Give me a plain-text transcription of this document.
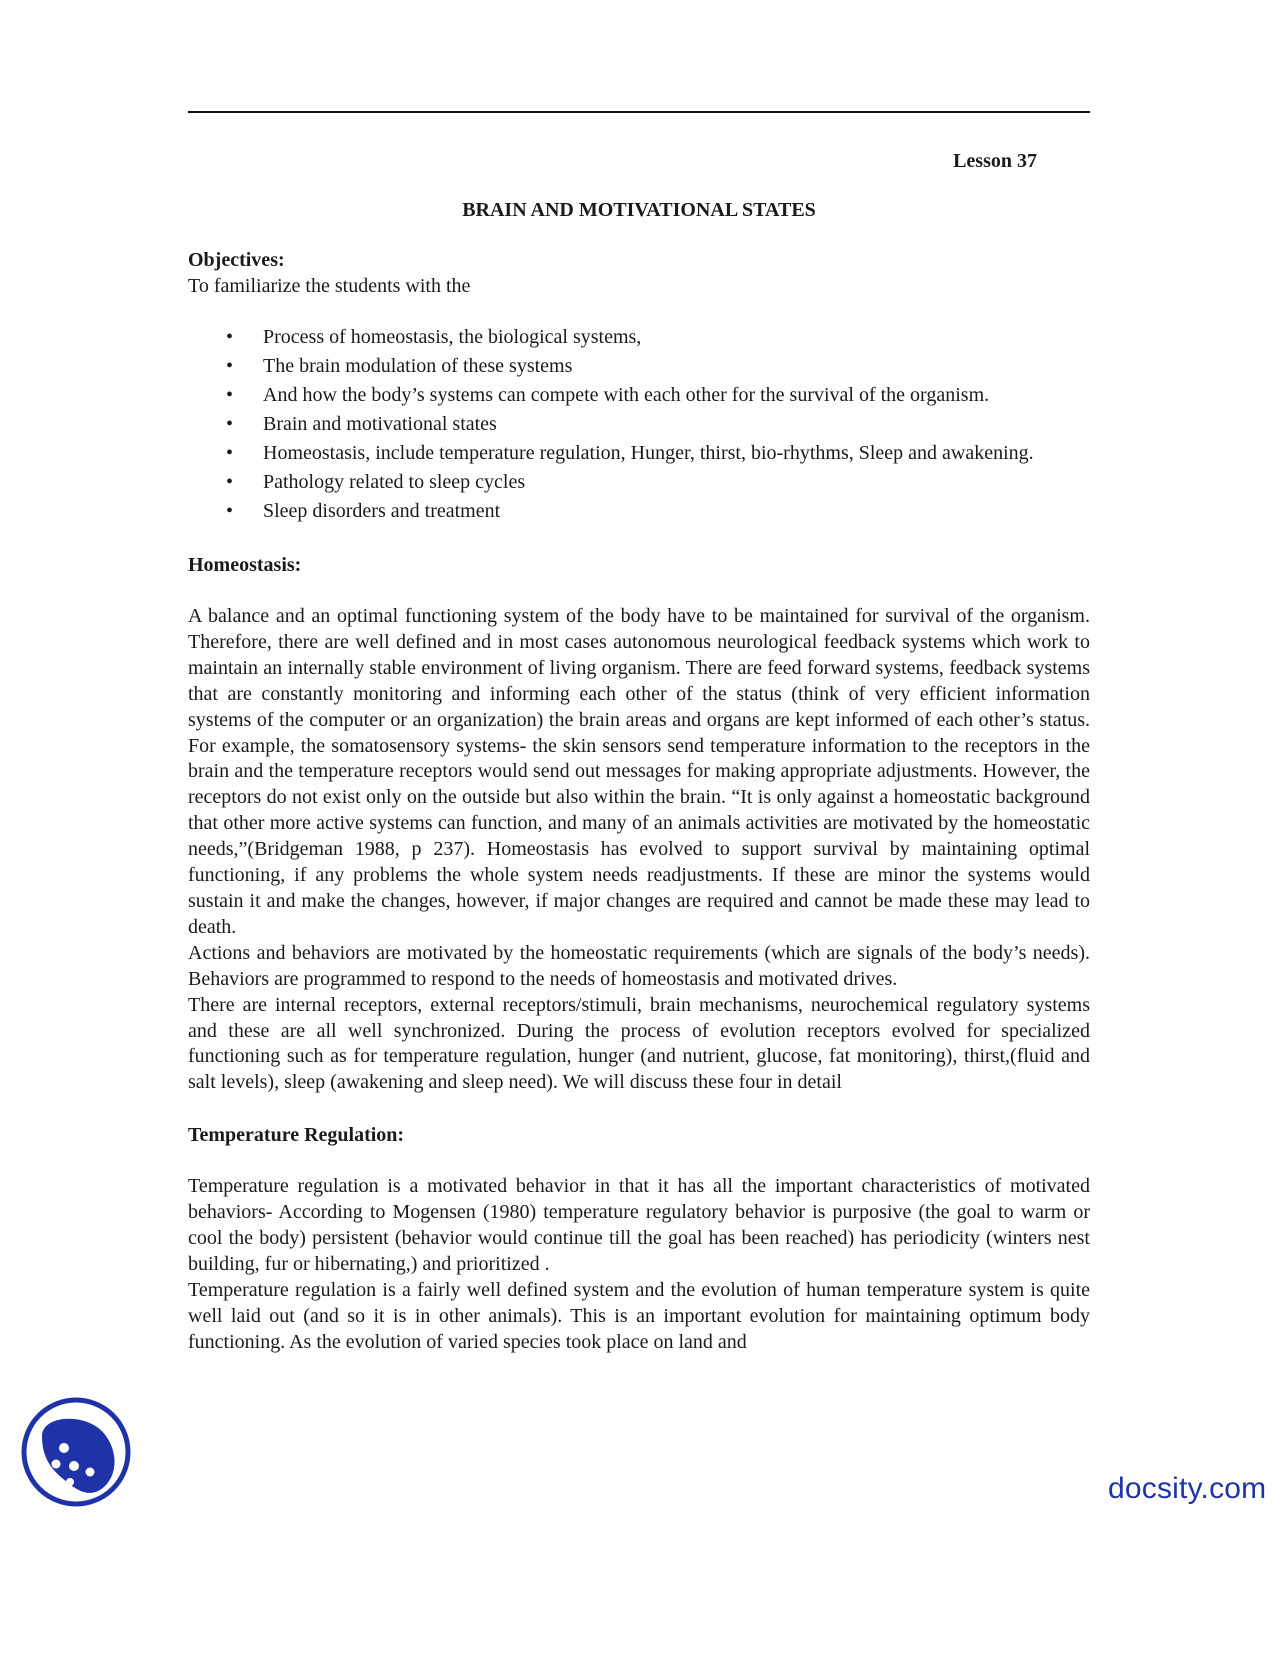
Lesson 37
BRAIN AND MOTIVATIONAL STATES
Objectives:
To familiarize the students with the
• Process of homeostasis, the biological systems,
• The brain modulation of these systems
• And how the body’s systems can compete with each other for the survival of the organism.
• Brain and motivational states
• Homeostasis, include temperature regulation, Hunger, thirst, bio-rhythms, Sleep and awakening.
• Pathology related to sleep cycles
• Sleep disorders and treatment
Homeostasis:

A balance and an optimal functioning system of the body have to be maintained for survival of the organism. Therefore, there are well defined and in most cases autonomous neurological feedback systems which work to maintain an internally stable environment of living organism. There are feed forward systems, feedback systems that are constantly monitoring and informing each other of the status (think of very efficient information systems of the computer or an organization) the brain areas and organs are kept informed of each other’s status. For example, the somatosensory systems- the skin sensors send temperature information to the receptors in the brain and the temperature receptors would send out messages for making appropriate adjustments. However, the receptors do not exist only on the outside but also within the brain. “It is only against a homeostatic background that other more active systems can function, and many of an animals activities are motivated by the homeostatic needs,”(Bridgeman 1988, p 237). Homeostasis has evolved to support survival by maintaining optimal functioning, if any problems the whole system needs readjustments. If these are minor the systems would sustain it and make the changes, however, if major changes are required and cannot be made these may lead to death.

Actions and behaviors are motivated by the homeostatic requirements (which are signals of the body’s needs). Behaviors are programmed to respond to the needs of homeostasis and motivated drives.

There are internal receptors, external receptors/stimuli, brain mechanisms, neurochemical regulatory systems and these are all well synchronized. During the process of evolution receptors evolved for specialized functioning such as for temperature regulation, hunger (and nutrient, glucose, fat monitoring), thirst,(fluid and salt levels), sleep (awakening and sleep need). We will discuss these four in detail

Temperature Regulation:

Temperature regulation is a motivated behavior in that it has all the important characteristics of motivated behaviors- According to Mogensen (1980) temperature regulatory behavior is purposive (the goal to warm or cool the body) persistent (behavior would continue till the goal has been reached) has periodicity (winters nest building, fur or hibernating,) and prioritized .

Temperature regulation is a fairly well defined system and the evolution of human temperature system is quite well laid out (and so it is in other animals). This is an important evolution for maintaining optimum body functioning. As the evolution of varied species took place on land and

docsity.com
